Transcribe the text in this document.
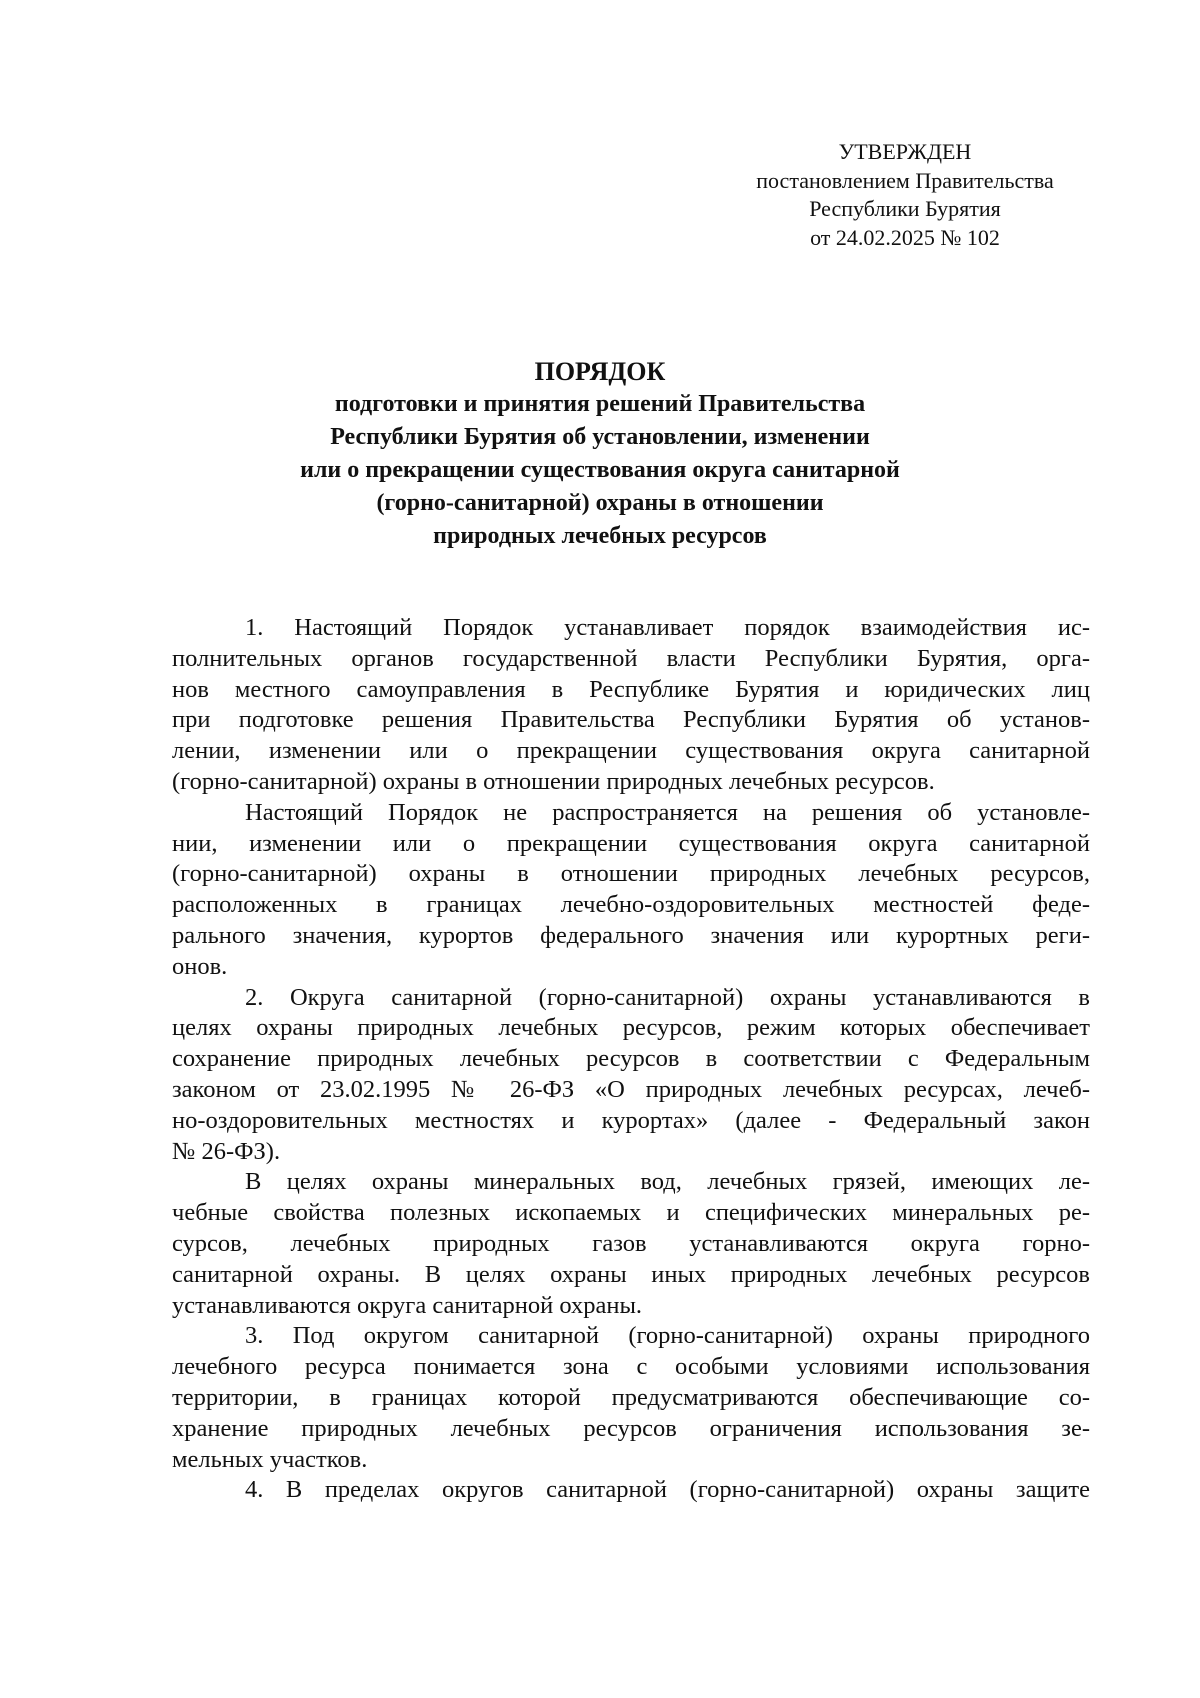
УТВЕРЖДЕН
постановлением Правительства
Республики Бурятия
от 24.02.2025 № 102
ПОРЯДОК
подготовки и принятия решений Правительства
Республики Бурятия об установлении, изменении
или о прекращении существования округа санитарной
(горно-санитарной) охраны в отношении
природных лечебных ресурсов

1. Настоящий Порядок устанавливает порядок взаимодействия ис-
полнительных органов государственной власти Республики Бурятия, орга-
нов местного самоуправления в Республике Бурятия и юридических лиц
при подготовке решения Правительства Республики Бурятия об установ-
лении, изменении или о прекращении существования округа санитарной
(горно-санитарной) охраны в отношении природных лечебных ресурсов.

Настоящий Порядок не распространяется на решения об установле-
нии, изменении или о прекращении существования округа санитарной
(горно-санитарной) охраны в отношении природных лечебных ресурсов,
расположенных в границах лечебно-оздоровительных местностей феде-
рального значения, курортов федерального значения или курортных реги-
онов.

2. Округа санитарной (горно-санитарной) охраны устанавливаются в
целях охраны природных лечебных ресурсов, режим которых обеспечивает
сохранение природных лечебных ресурсов в соответствии с Федеральным
законом от 23.02.1995 № 26-ФЗ «О природных лечебных ресурсах, лечеб-
но-оздоровительных местностях и курортах» (далее - Федеральный закон
№ 26-ФЗ).

В целях охраны минеральных вод, лечебных грязей, имеющих ле-
чебные свойства полезных ископаемых и специфических минеральных ре-
сурсов, лечебных природных газов устанавливаются округа горно-
санитарной охраны. В целях охраны иных природных лечебных ресурсов
устанавливаются округа санитарной охраны.

3. Под округом санитарной (горно-санитарной) охраны природного
лечебного ресурса понимается зона с особыми условиями использования
территории, в границах которой предусматриваются обеспечивающие со-
хранение природных лечебных ресурсов ограничения использования зе-
мельных участков.

4. В пределах округов санитарной (горно-санитарной) охраны защите
